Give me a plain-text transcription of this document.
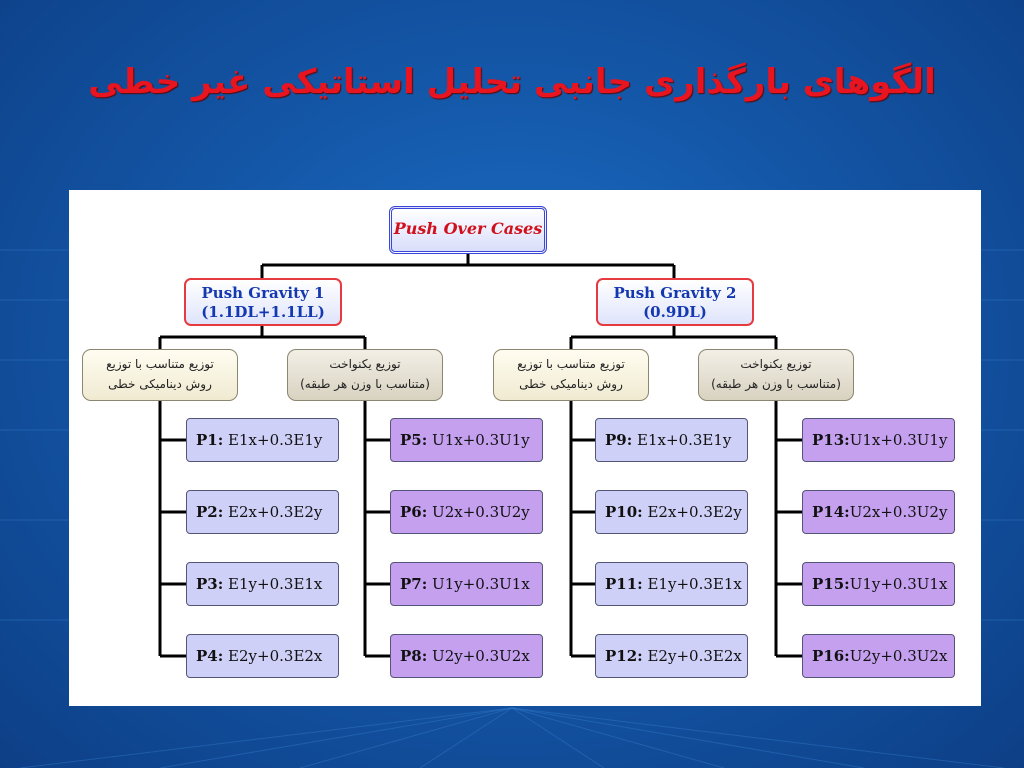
الگوهای بارگذاری جانبی تحلیل استاتیکی غیر خطی
Push Over Cases
Push Gravity 1
(1.1DL+1.1LL)
Push Gravity 2
(0.9DL)
توزیع متناسب با توزیع
روش دینامیکی خطی
توزیع یکنواخت
(متناسب با وزن هر طبقه)
توزیع متناسب با توزیع
روش دینامیکی خطی
توزیع یکنواخت
(متناسب با وزن هر طبقه)
P1: E1x+0.3E1y
P2: E2x+0.3E2y
P3: E1y+0.3E1x
P4: E2y+0.3E2x
P5: U1x+0.3U1y
P6: U2x+0.3U2y
P7: U1y+0.3U1x
P8: U2y+0.3U2x
P9: E1x+0.3E1y
P10: E2x+0.3E2y
P11: E1y+0.3E1x
P12: E2y+0.3E2x
P13:U1x+0.3U1y
P14:U2x+0.3U2y
P15:U1y+0.3U1x
P16:U2y+0.3U2x
